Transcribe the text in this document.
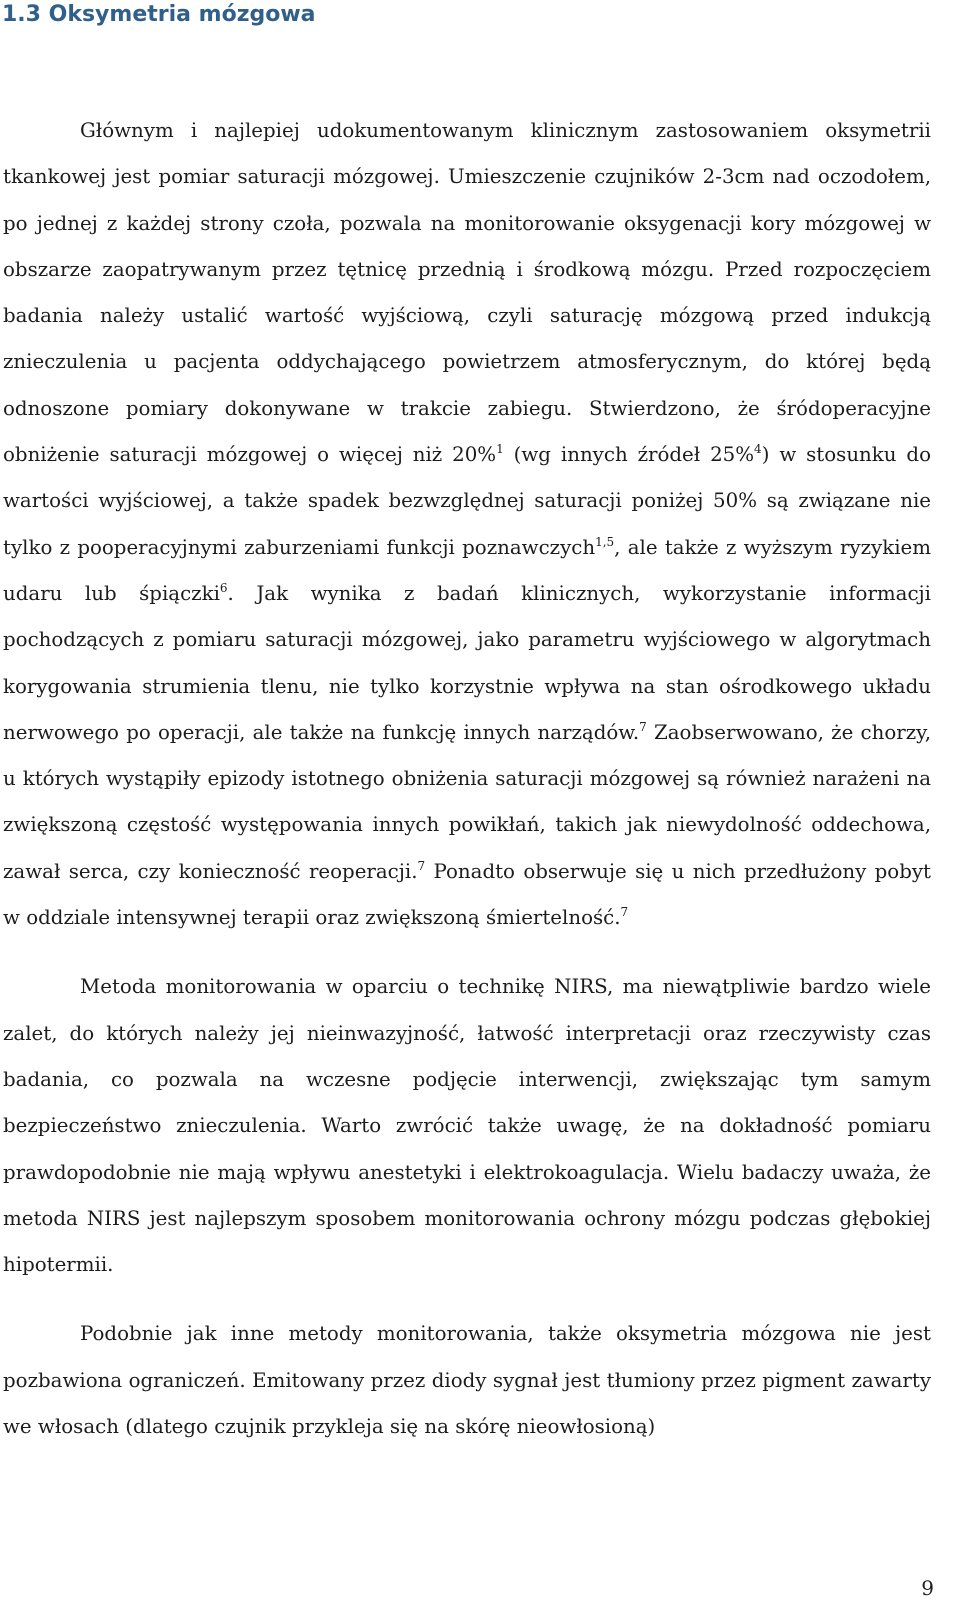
1.3 Oksymetria mózgowa

Głównym i najlepiej udokumentowanym klinicznym zastosowaniem oksymetrii tkankowej jest pomiar saturacji mózgowej. Umieszczenie czujników 2-3cm nad oczodołem, po jednej z każdej strony czoła, pozwala na monitorowanie oksygenacji kory mózgowej w obszarze zaopatrywanym przez tętnicę przednią i środkową mózgu. Przed rozpoczęciem badania należy ustalić wartość wyjściową, czyli saturację mózgową przed indukcją znieczulenia u pacjenta oddychającego powietrzem atmosferycznym, do której będą odnoszone pomiary dokonywane w trakcie zabiegu. Stwierdzono, że śródoperacyjne obniżenie saturacji mózgowej o więcej niż 20%$^1$ (wg innych źródeł 25%$^4$) w stosunku do wartości wyjściowej, a także spadek bezwzględnej saturacji poniżej 50% są związane nie tylko z pooperacyjnymi zaburzeniami funkcji poznawczych$^{1,5}$, ale także z wyższym ryzykiem udaru lub śpiączki$^6$. Jak wynika z badań klinicznych, wykorzystanie informacji pochodzących z pomiaru saturacji mózgowej, jako parametru wyjściowego w algorytmach korygowania strumienia tlenu, nie tylko korzystnie wpływa na stan ośrodkowego układu nerwowego po operacji, ale także na funkcję innych narządów.$^7$ Zaobserwowano, że chorzy, u których wystąpiły epizody istotnego obniżenia saturacji mózgowej są również narażeni na zwiększoną częstość występowania innych powikłań, takich jak niewydolność oddechowa, zawał serca, czy konieczność reoperacji.$^7$ Ponadto obserwuje się u nich przedłużony pobyt w oddziale intensywnej terapii oraz zwiększoną śmiertelność.$^7$

Metoda monitorowania w oparciu o technikę NIRS, ma niewątpliwie bardzo wiele zalet, do których należy jej nieinwazyjność, łatwość interpretacji oraz rzeczywisty czas badania, co pozwala na wczesne podjęcie interwencji, zwiększając tym samym bezpieczeństwo znieczulenia. Warto zwrócić także uwagę, że na dokładność pomiaru prawdopodobnie nie mają wpływu anestetyki i elektrokoagulacja. Wielu badaczy uważa, że metoda NIRS jest najlepszym sposobem monitorowania ochrony mózgu podczas głębokiej hipotermii.

Podobnie jak inne metody monitorowania, także oksymetria mózgowa nie jest pozbawiona ograniczeń. Emitowany przez diody sygnał jest tłumiony przez pigment zawarty we włosach (dlatego czujnik przykleja się na skórę nieowłosioną)

9
